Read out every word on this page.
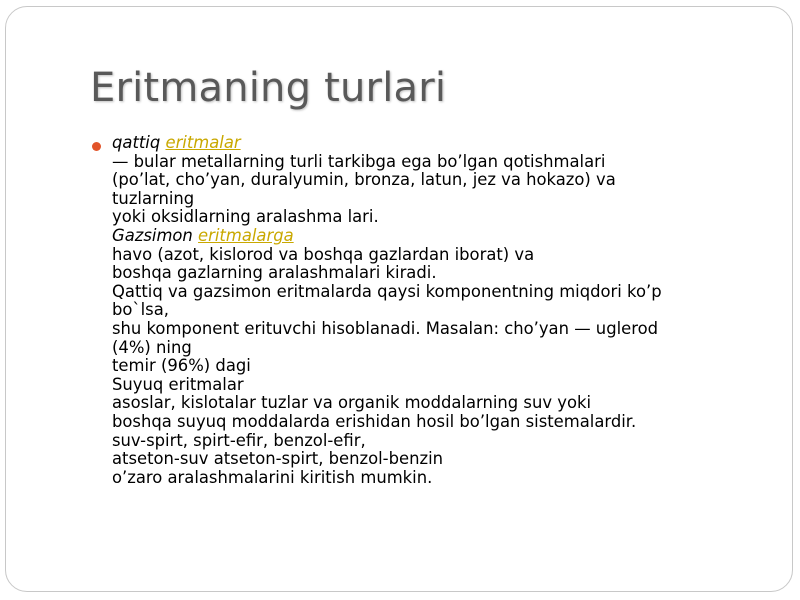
Eritmaning turlari
qattiq eritmalar
— bular metallarning turli tarkibga ega bo’lgan qotishmalari
(po’lat, cho’yan, duralyumin, bronza, latun, jez va hokazo) va
tuzlarning
yoki oksidlarning aralashma lari.
Gazsimon eritmalarga
havo (azot, kislorod va boshqa gazlardan iborat) va
boshqa gazlarning aralashmalari kiradi.
Qattiq va gazsimon eritmalarda qaysi komponentning miqdori ko’p
bo`lsa,
shu komponent erituvchi hisoblanadi. Masalan: cho’yan — uglerod
(4%) ning
temir (96%) dagi
Suyuq eritmalar
asoslar, kislotalar tuzlar va organik moddalarning suv yoki
boshqa suyuq moddalarda erishidan hosil bo’lgan sistemalardir.
suv-spirt, spirt-efir, benzol-efir,
atseton-suv atseton-spirt, benzol-benzin
o’zaro aralashmalarini kiritish mumkin.
